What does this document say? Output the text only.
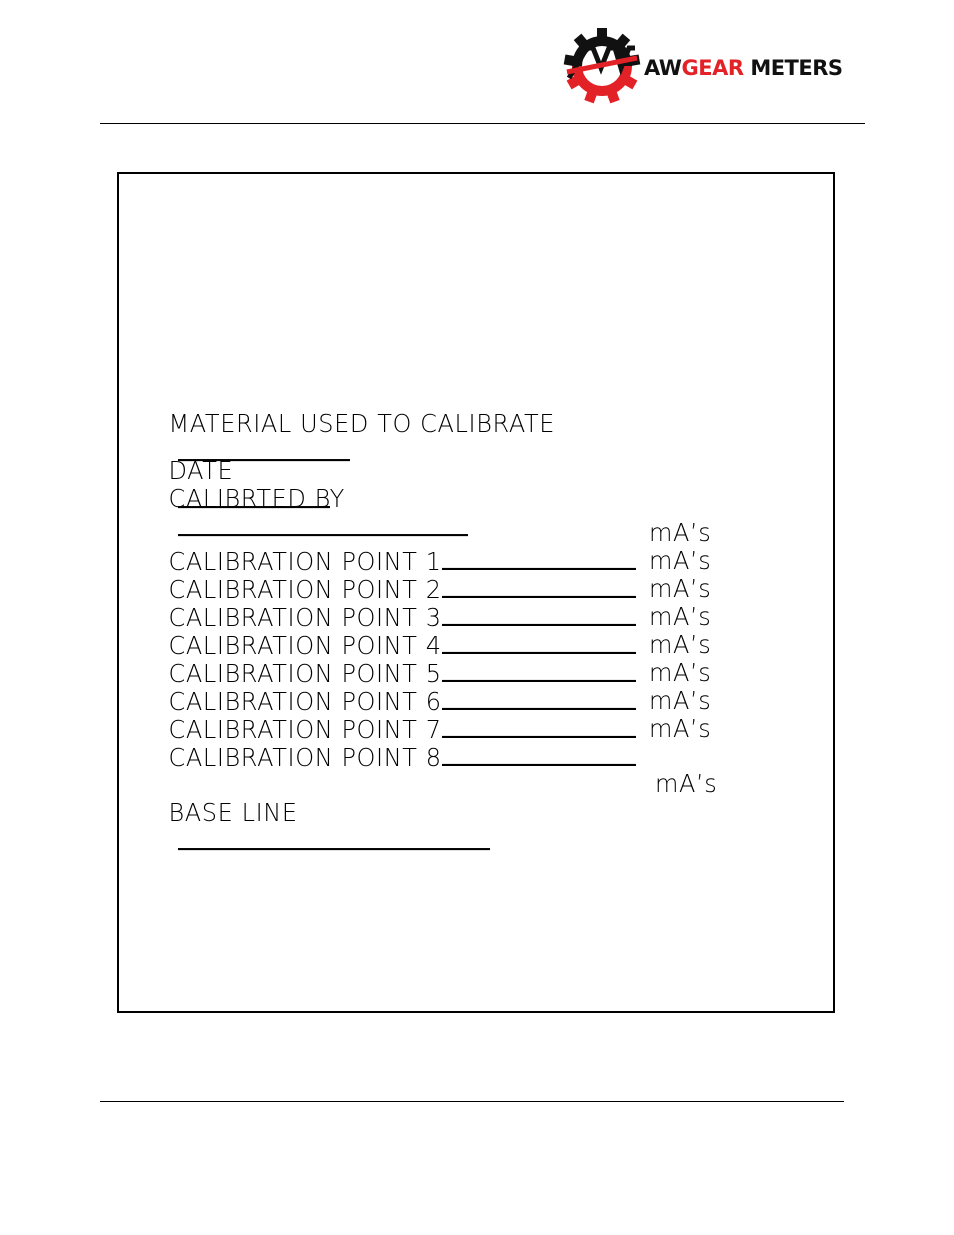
AWGEAR METERS

MATERIAL USED TO CALIBRATE

DATE

CALIBRTED BY

CALIBRATION POINT 1

mA’s

CALIBRATION POINT 2

mA’s

CALIBRATION POINT 3

mA’s

CALIBRATION POINT 4

mA’s

CALIBRATION POINT 5

mA’s

CALIBRATION POINT 6

mA’s

CALIBRATION POINT 7

mA’s

CALIBRATION POINT 8

mA’s

BASE LINE

mA’s
